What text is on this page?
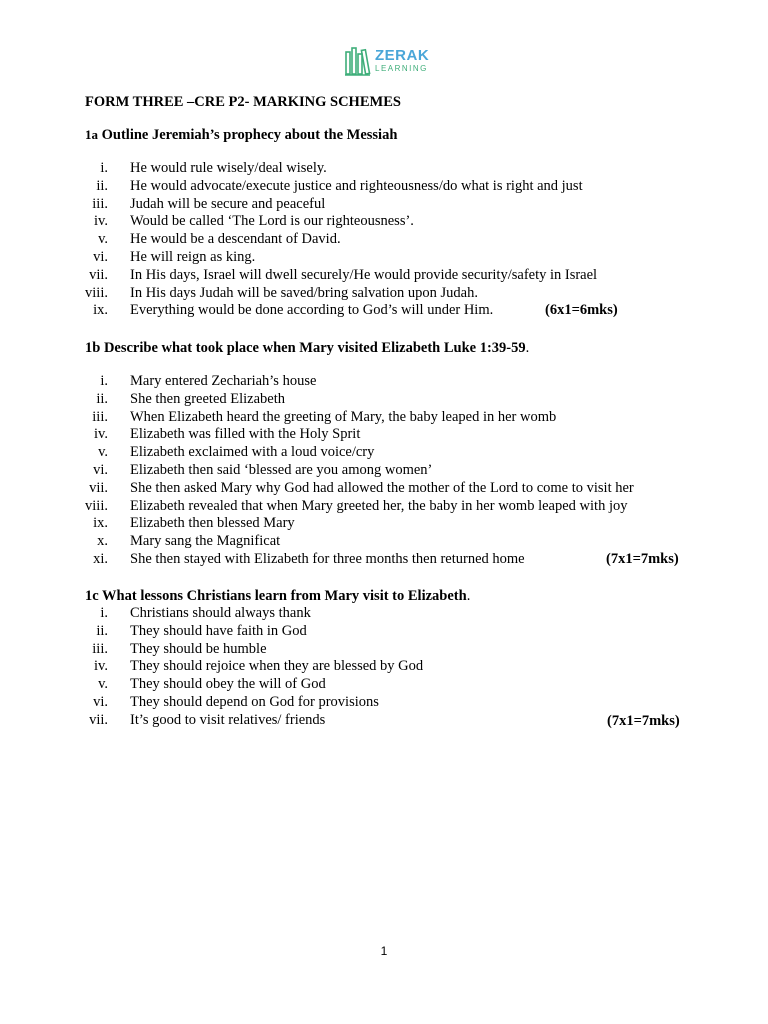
ZERAK
LEARNING
FORM THREE –CRE P2- MARKING SCHEMES
1a Outline Jeremiah’s prophecy about the Messiah
i. He would rule wisely/deal wisely.
ii. He would advocate/execute justice and righteousness/do what is right and just
iii. Judah will be secure and peaceful
iv. Would be called ‘The Lord is our righteousness’.
v. He would be a descendant of David.
vi. He will reign as king.
vii. In His days, Israel will dwell securely/He would provide security/safety in Israel
viii. In His days Judah will be saved/bring salvation upon Judah.
ix. Everything would be done according to God’s will under Him.	(6x1=6mks)
1b Describe what took place when Mary visited Elizabeth Luke 1:39-59.
i. Mary entered Zechariah’s house
ii. She then greeted Elizabeth
iii. When Elizabeth heard the greeting of Mary, the baby leaped in her womb
iv. Elizabeth was filled with the Holy Sprit
v. Elizabeth exclaimed with a loud voice/cry
vi. Elizabeth then said ‘blessed are you among women’
vii. She then asked Mary why God had allowed the mother of the Lord to come to visit her
viii. Elizabeth revealed that when Mary greeted her, the baby in her womb leaped with joy
ix. Elizabeth then blessed Mary
x. Mary sang the Magnificat
xi. She then stayed with Elizabeth for three months then returned home	(7x1=7mks)
1c What lessons Christians learn from Mary visit to Elizabeth.
i. Christians should always thank
ii. They should have faith in God
iii. They should be humble
iv. They should rejoice when they are blessed by God
v. They should obey the will of God
vi. They should depend on God for provisions
vii. It’s good to visit relatives/ friends	(7x1=7mks)
1
